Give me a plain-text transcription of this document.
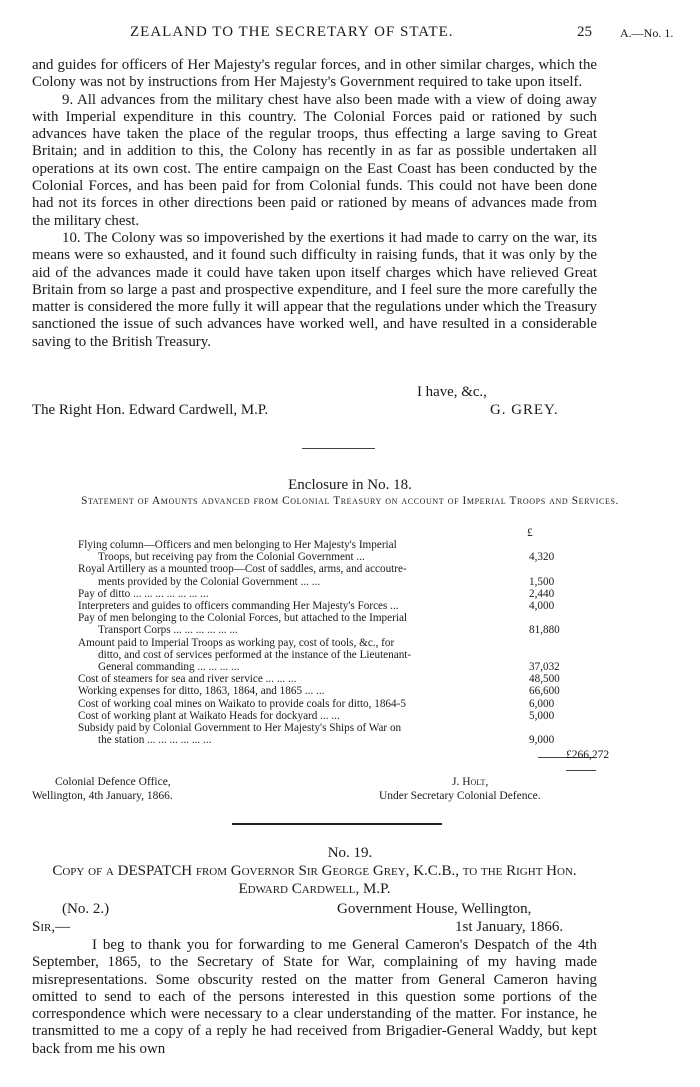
ZEALAND TO THE SECRETARY OF STATE.	25 A.—No. 1.

and guides for officers of Her Majesty's regular forces, and in other similar charges, which the Colony was not by instructions from Her Majesty's Government required to take upon itself.

9. All advances from the military chest have also been made with a view of doing away with Imperial expenditure in this country. The Colonial Forces paid or rationed by such advances have taken the place of the regular troops, thus effecting a large saving to Great Britain; and in addition to this, the Colony has recently in as far as possible undertaken all operations at its own cost. The entire campaign on the East Coast has been conducted by the Colonial Forces, and has been paid for from Colonial funds. This could not have been done had not its forces in other directions been paid or rationed by means of advances made from the military chest.

10. The Colony was so impoverished by the exertions it had made to carry on the war, its means were so exhausted, and it found such difficulty in raising funds, that it was only by the aid of the advances made it could have taken upon itself charges which have relieved Great Britain from so large a past and prospective expenditure, and I feel sure the more carefully the matter is considered the more fully it will appear that the regulations under which the Treasury sanctioned the issue of such advances have worked well, and have resulted in a considerable saving to the British Treasury.

I have, &c.,
The Right Hon. Edward Cardwell, M.P.	G. GREY.
Enclosure in No. 18.
Statement of Amounts advanced from Colonial Treasury on account of Imperial Troops and Services.
£
Flying column—Officers and men belonging to Her Majesty's Imperial
Troops, but receiving pay from the Colonial Government ...	4,320
Royal Artillery as a mounted troop—Cost of saddles, arms, and accoutre-
ments provided by the Colonial Government ... ...	1,500
Pay of ditto ... ... ... ... ... ... ...	2,440
Interpreters and guides to officers commanding Her Majesty's Forces ...	4,000
Pay of men belonging to the Colonial Forces, but attached to the Imperial
Transport Corps ... ... ... ... ... ...	81,880
Amount paid to Imperial Troops as working pay, cost of tools, &c., for
ditto, and cost of services performed at the instance of the Lieutenant-
General commanding ... ... ... ...	37,032
Cost of steamers for sea and river service ... ... ...	48,500
Working expenses for ditto, 1863, 1864, and 1865 ... ...	66,600
Cost of working coal mines on Waikato to provide coals for ditto, 1864-5	6,000
Cost of working plant at Waikato Heads for dockyard ... ...	5,000
Subsidy paid by Colonial Government to Her Majesty's Ships of War on
the station ... ... ... ... ... ...	9,000
£266,272
Colonial Defence Office,
Wellington, 4th January, 1866.
J. Holt,
Under Secretary Colonial Defence.
No. 19.
Copy of a DESPATCH from Governor Sir George Grey, K.C.B., to the Right Hon. Edward Cardwell, M.P.
(No. 2.)	Government House, Wellington,
Sir,—	1st January, 1866.

I beg to thank you for forwarding to me General Cameron's Despatch of the 4th September, 1865, to the Secretary of State for War, complaining of my having made misrepresentations. Some obscurity rested on the matter from General Cameron having omitted to send to each of the persons interested in this question some portions of the correspondence which were necessary to a clear understanding of the matter. For instance, he transmitted to me a copy of a reply he had received from Brigadier-General Waddy, but kept back from me his own
